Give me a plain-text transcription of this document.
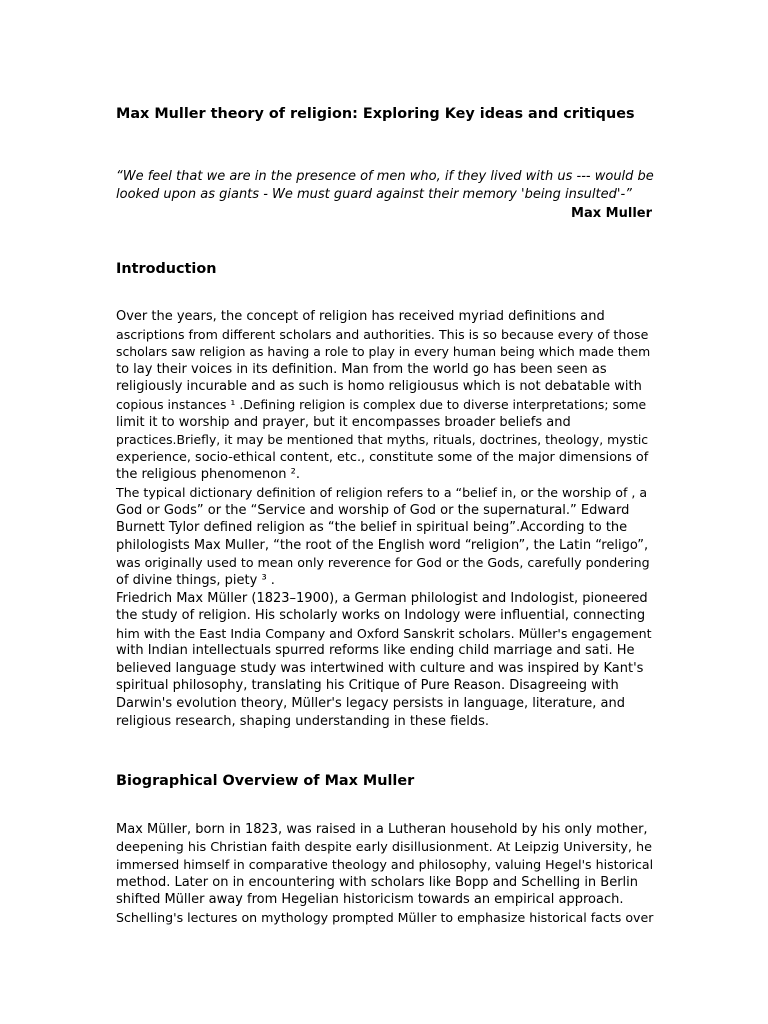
Max Muller theory of religion: Exploring Key ideas and critiques
“We feel that we are in the presence of men who, if they lived with us --- would be
looked upon as giants - We must guard against their memory 'being insulted'-”
Max Muller
Introduction
Over the years, the concept of religion has received myriad definitions and
ascriptions from different scholars and authorities. This is so because every of those
scholars saw religion as having a role to play in every human being which made them
to lay their voices in its definition. Man from the world go has been seen as
religiously incurable and as such is homo religiousus which is not debatable with
copious instances ¹ .Defining religion is complex due to diverse interpretations; some
limit it to worship and prayer, but it encompasses broader beliefs and
practices.Briefly, it may be mentioned that myths, rituals, doctrines, theology, mystic
experience, socio-ethical content, etc., constitute some of the major dimensions of
the religious phenomenon ².
The typical dictionary definition of religion refers to a “belief in, or the worship of , a
God or Gods” or the “Service and worship of God or the supernatural.” Edward
Burnett Tylor defined religion as “the belief in spiritual being”.According to the
philologists Max Muller, “the root of the English word “religion”, the Latin “religo”,
was originally used to mean only reverence for God or the Gods, carefully pondering
of divine things, piety ³ .
Friedrich Max Müller (1823–1900), a German philologist and Indologist, pioneered
the study of religion. His scholarly works on Indology were influential, connecting
him with the East India Company and Oxford Sanskrit scholars. Müller's engagement
with Indian intellectuals spurred reforms like ending child marriage and sati. He
believed language study was intertwined with culture and was inspired by Kant's
spiritual philosophy, translating his Critique of Pure Reason. Disagreeing with
Darwin's evolution theory, Müller's legacy persists in language, literature, and
religious research, shaping understanding in these fields.
Biographical Overview of Max Muller
Max Müller, born in 1823, was raised in a Lutheran household by his only mother,
deepening his Christian faith despite early disillusionment. At Leipzig University, he
immersed himself in comparative theology and philosophy, valuing Hegel's historical
method. Later on in encountering with scholars like Bopp and Schelling in Berlin
shifted Müller away from Hegelian historicism towards an empirical approach.
Schelling's lectures on mythology prompted Müller to emphasize historical facts over
